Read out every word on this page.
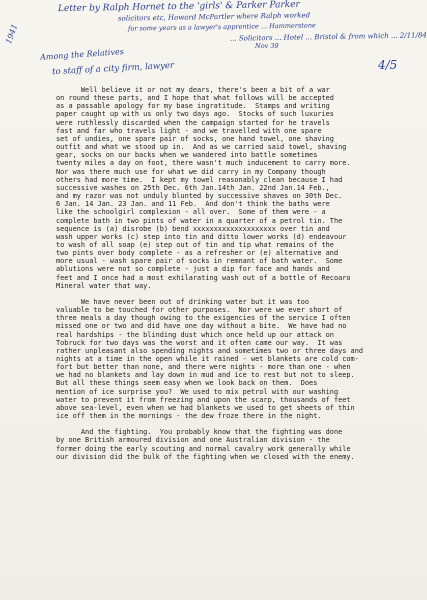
Letter by Ralph Hornet to the 'girls' & Parker Parker
solicitors etc, Howard McPartler where Ralph worked
for some years as a lawyer's apprentice ... Hammerstone
... Solicitors ... Hotel ... Bristol & from which ... 2/11/84
Nov 39
1941
Among the Relatives
to staff of a city firm, lawyer	4/5

Well believe it or not my dears, there's been a bit of a war
on round these parts, and I hope that what follows will be accepted
as a passable apology for my base ingratitude.  Stamps and writing
paper caught up with us only two days ago.  Stocks of such luxuries
were ruthlessly discarded when the campaign started for he travels
fast and far who travels light - and we travelled with one spare
set of undies, one spare pair of socks, one hand towel, one shaving
outfit and what we stood up in.  And as we carried said towel, shaving
gear, socks on our backs when we wandered into battle sometimes
twenty miles a day on foot, there wasn't much inducement to carry more.
Nor was there much use for what we did carry in my Company though
others had more time.  I kept my towel reasonably clean because I had
successive washes on 25th Dec. 6th Jan.14th Jan. 22nd Jan.14 Feb.,
and my razor was not unduly blunted by successive shaves on 30th Dec.
6 Jan. 14 Jan. 23 Jan. and 11 Feb.  And don't think the baths were
like the schoolgirl complexion - all over.  Some of them were - a
complete bath in two pints of water in a quarter of a petrol tin. The
sequence is (a) disrobe (b) bend xxxxxxxxxxxxxxxxxxxx over tin and
wash upper works (c) step into tin and ditto lower works (d) endeavour
to wash of all soap (e) step out of tin and tip what remains of the
two pints over body complete - as a refresher or (e) alternative and
more usual - wash spare pair of socks in remnant of bath water.  Some
ablutions were not so complete - just a dip for face and hands and
feet and I once had a most exhilarating wash out of a bottle of Recoaro
Mineral water that way.

We have never been out of drinking water but it was too
valuable to be touched for other purposes.  Nor were we ever short of
three meals a day though owing to the exigencies of the service I often
missed one or two and did have one day without a bite.  We have had no
real hardships - the blinding dust which once held up our attack on
Tobruck for two days was the worst and it often came our way.  It was
rather unpleasant also spending nights and sometimes two or three days and
nights at a time in the open while it rained - wet blankets are cold com-
fort but better than none, and there were nights - more than one - when
we had no blankets and lay down in mud and ice to rest but not to sleep.
But all these things seem easy when we look back on them.  Does
mention of ice surprise you?  We used to mix petrol with our washing
water to prevent it from freezing and upon the scarp, thousands of feet
above sea-level, even when we had blankets we used to get sheets of thin
ice off them in the mornings - the dew froze there in the night.

And the fighting.  You probably know that the fighting was done
by one British armoured division and one Australian division - the
former doing the early scouting and normal cavalry work generally while
our division did the bulk of the fighting when we closed with the enemy.
